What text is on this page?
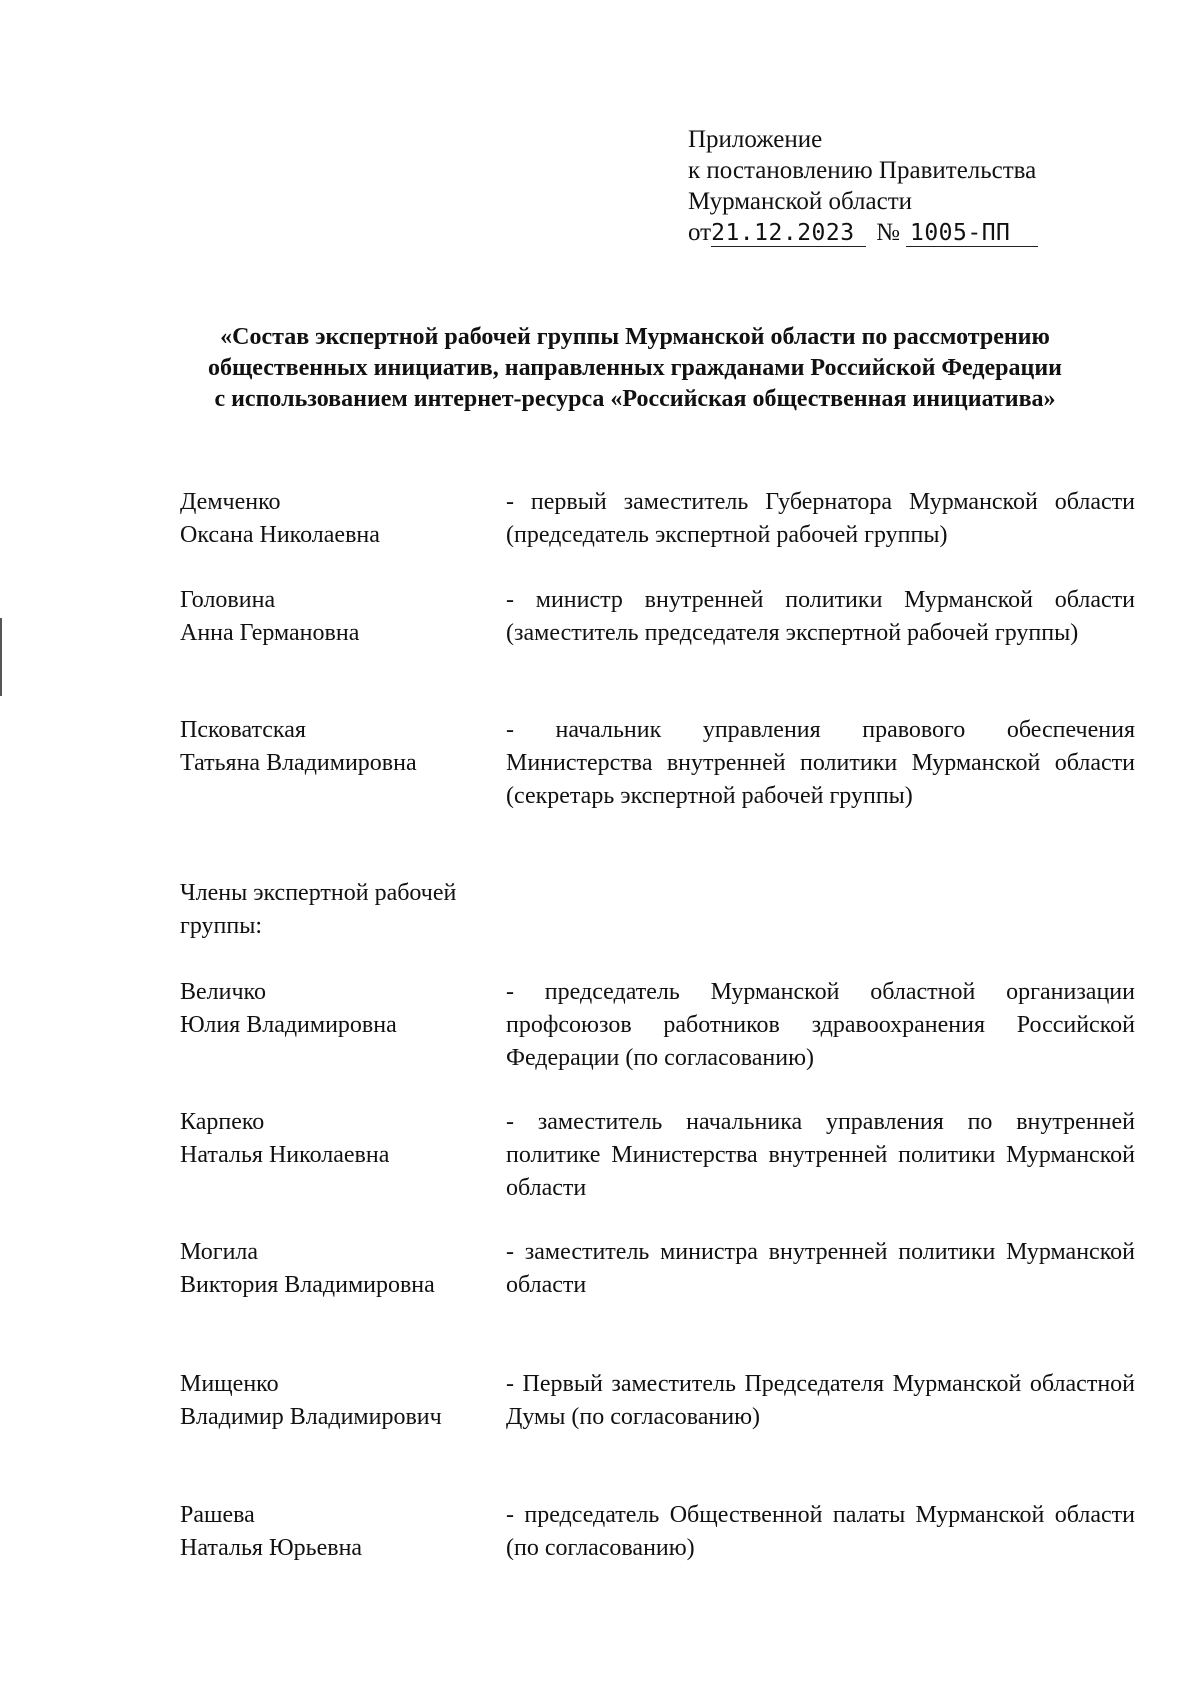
Приложение
к постановлению Правительства
Мурманской области
от21.12.2023 № 1005-ПП
«Состав экспертной рабочей группы Мурманской области по рассмотрению общественных инициатив, направленных гражданами Российской Федерации с использованием интернет-ресурса «Российская общественная инициатива»
Демченко
Оксана Николаевна
- первый заместитель Губернатора Мурманской области (председатель экспертной рабочей группы)
Головина
Анна Германовна
- министр внутренней политики Мурманской области (заместитель председателя экспертной рабочей группы)
Псковатская
Татьяна Владимировна
- начальник управления правового обеспечения Министерства внутренней политики Мурманской области (секретарь экспертной рабочей группы)
Члены экспертной рабочей группы:
Величко
Юлия Владимировна
- председатель Мурманской областной организации профсоюзов работников здравоохранения Российской Федерации (по согласованию)
Карпеко
Наталья Николаевна
- заместитель начальника управления по внутренней политике Министерства внутренней политики Мурманской области
Могила
Виктория Владимировна
- заместитель министра внутренней политики Мурманской области
Мищенко
Владимир Владимирович
- Первый заместитель Председателя Мурманской областной Думы (по согласованию)
Рашева
Наталья Юрьевна
- председатель Общественной палаты Мурманской области (по согласованию)
